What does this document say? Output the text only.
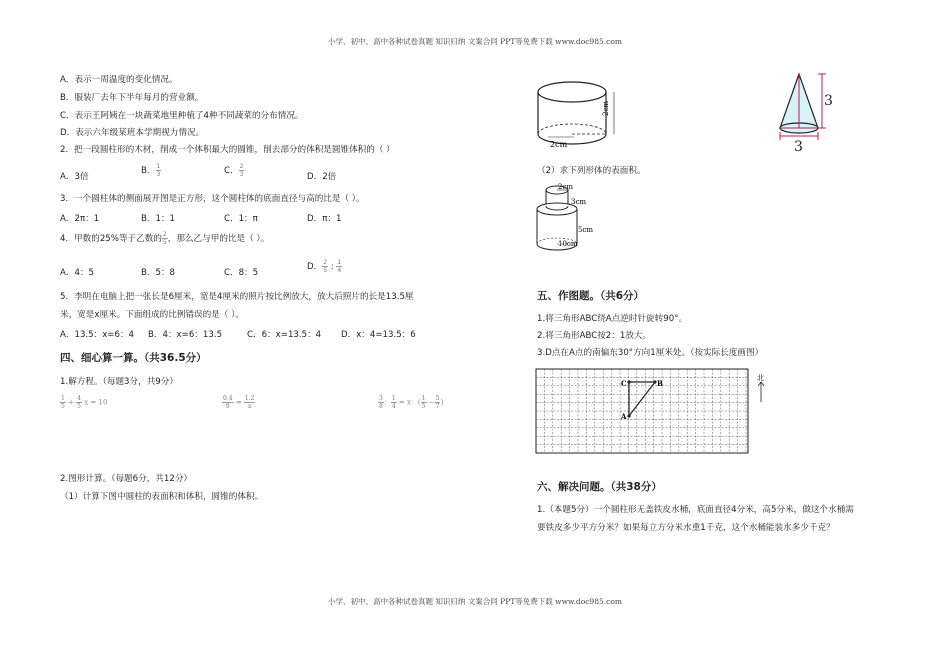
小学、初中、高中各种试卷真题 知识归纳 文案合同 PPT等免费下载 www.doc985.com
A．表示一周温度的变化情况。
B．服装厂去年下半年每月的营业额。
C．表示王阿姨在一块蔬菜地里种植了4种不同蔬菜的分布情况。
D．表示六年级某班本学期视力情况。
2．把一段圆柱形的木材，削成一个体积最大的圆锥，削去部分的体积是圆锥体积的（ ）
A．3倍
B． $\frac{1}{3}$	C． $\frac{2}{3}$	D．2倍
3．一个圆柱体的侧面展开图是正方形，这个圆柱体的底面直径与高的比是（ ）。
A．2π：1	B．1：1	C．1：π	D．π：1
4．甲数的25%等于乙数的 $\frac{2}{5}$ ，那么乙与甲的比是（ ）。
A．4：5	B．5：8	C．8：5
D． $\frac{2}{5}$ : $\frac{1}{4}$
5．李明在电脑上把一张长是6厘米，宽是4厘米的照片按比例放大，放大后照片的长是13.5厘
米，宽是x厘米。下面组成的比例错误的是（ ）。
A．13.5：x=6：4 B．4：x=6：13.5	C．6：x=13.5：4 D．x：4=13.5：6
四、细心算一算。（共36.5分）
1.解方程。（每题3分，共9分）
$\frac{1}{5} + \frac{4}{5}$ x = 10	$\frac{0.4}{9} = \frac{1.2}{x}$	$\frac{3}{8}$ ： $\frac{1}{4} = x$：( $\frac{1}{5} - \frac{5}{7}$ )
2.图形计算。（每题6分，共12分）
（1）计算下图中圆柱的表面积和体积，圆锥的体积。
2cm
2cm	3
3
（2）求下列形体的表面积。
2cm
3cm
5cm
10cm
五、作图题。（共6分）
1.将三角形ABC绕A点逆时针旋转90°。
2.将三角形ABC按2：1放大。
3.D点在A点的南偏东30°方向1厘米处。（按实际长度画图）
C	B
A
北
六、解决问题。（共38分）
1.（本题5分）一个圆柱形无盖铁皮水桶，底面直径4分米，高5分米，做这个水桶需
要铁皮多少平方分米？如果每立方分米水重1千克，这个水桶能装水多少千克？
小学、初中、高中各种试卷真题 知识归纳 文案合同 PPT等免费下载 www.doc985.com
